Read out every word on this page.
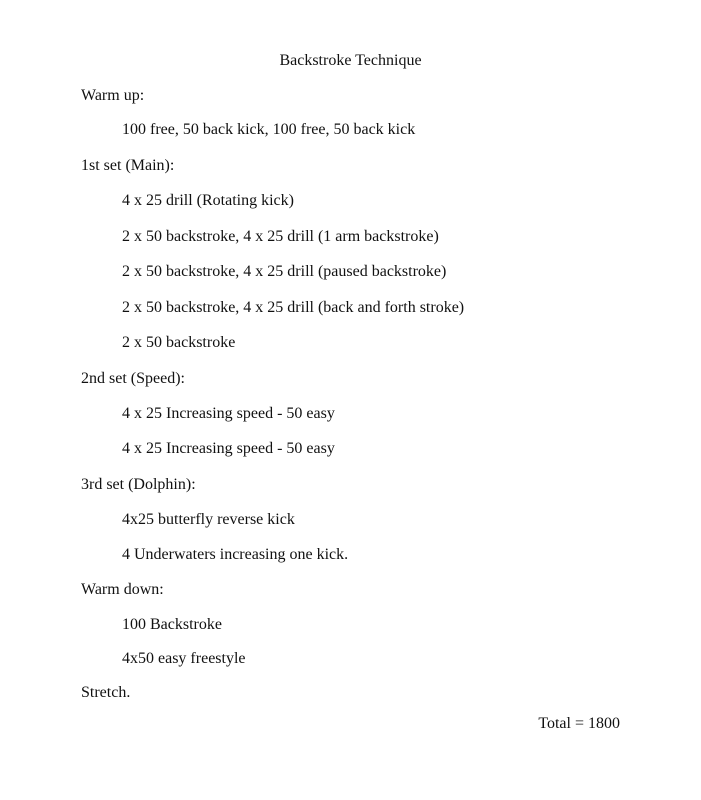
Backstroke Technique
Warm up:
100 free, 50 back kick, 100 free, 50 back kick
1st set (Main):
4 x 25 drill (Rotating kick)
2 x 50 backstroke, 4 x 25 drill (1 arm backstroke)
2 x 50 backstroke, 4 x 25 drill (paused backstroke)
2 x 50 backstroke, 4 x 25 drill (back and forth stroke)
2 x 50 backstroke
2nd set (Speed):
4 x 25 Increasing speed - 50 easy
4 x 25 Increasing speed - 50 easy
3rd set (Dolphin):
4x25 butterfly reverse kick
4 Underwaters increasing one kick.
Warm down:
100 Backstroke
4x50 easy freestyle
Stretch.
Total = 1800
